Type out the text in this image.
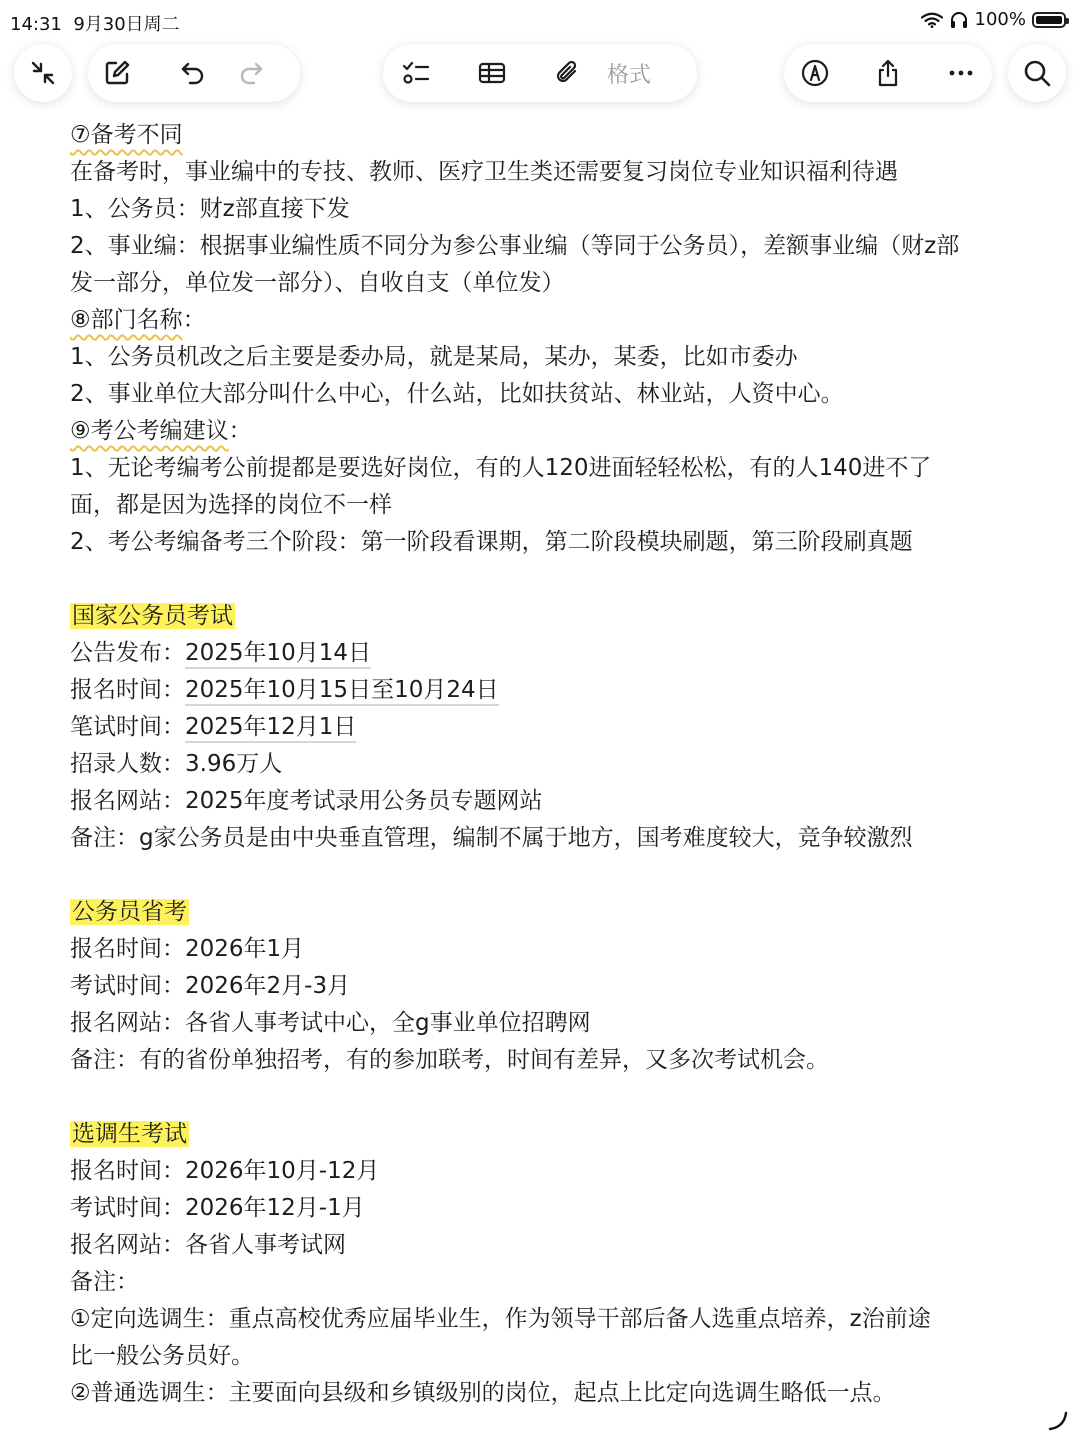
14:31 9月30日周二	100%
格式
⑦备考不同
在备考时，事业编中的专技、教师、医疗卫生类还需要复习岗位专业知识福利待遇
1、公务员：财z部直接下发
2、事业编：根据事业编性质不同分为参公事业编（等同于公务员），差额事业编（财z部
发一部分，单位发一部分）、自收自支（单位发）
⑧部门名称：
1、公务员机改之后主要是委办局，就是某局，某办，某委，比如市委办
2、事业单位大部分叫什么中心，什么站，比如扶贫站、林业站，人资中心。
⑨考公考编建议：
1、无论考编考公前提都是要选好岗位，有的人120进面轻轻松松，有的人140进不了
面，都是因为选择的岗位不一样
2、考公考编备考三个阶段：第一阶段看课期，第二阶段模块刷题，第三阶段刷真题
国家公务员考试
公告发布：2025年10月14日
报名时间：2025年10月15日至10月24日
笔试时间：2025年12月1日
招录人数：3.96万人
报名网站：2025年度考试录用公务员专题网站
备注：g家公务员是由中央垂直管理，编制不属于地方，国考难度较大，竞争较激烈
公务员省考
报名时间：2026年1月
考试时间：2026年2月-3月
报名网站：各省人事考试中心，全g事业单位招聘网
备注：有的省份单独招考，有的参加联考，时间有差异，又多次考试机会。
选调生考试
报名时间：2026年10月-12月
考试时间：2026年12月-1月
报名网站：各省人事考试网
备注：
①定向选调生：重点高校优秀应届毕业生，作为领导干部后备人选重点培养，z治前途
比一般公务员好。
②普通选调生：主要面向县级和乡镇级别的岗位，起点上比定向选调生略低一点。
